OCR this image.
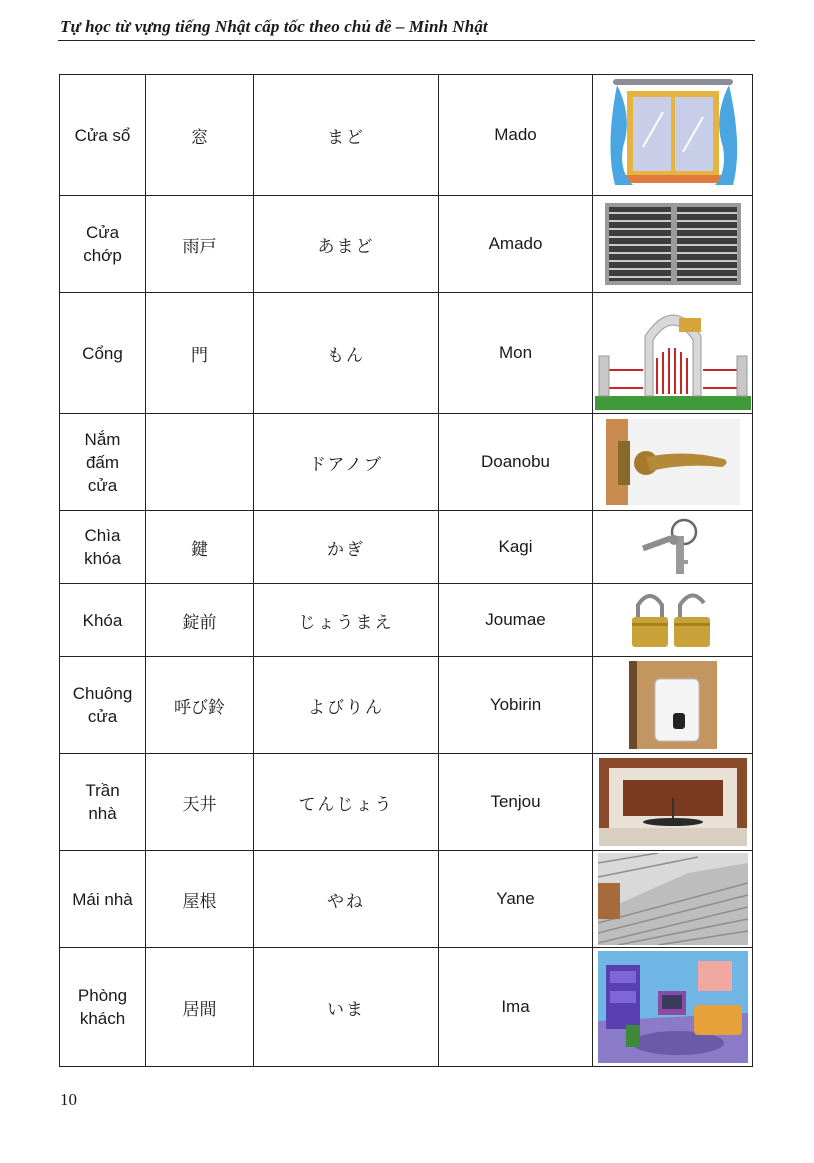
Tự học từ vựng tiếng Nhật cấp tốc theo chủ đề – Minh Nhật
Cửa sổ	窓	まど	Mado	

Cửa chớp	雨戸	あまど	Amado	

Cổng	門	もん	Mon	

Nắm đấm cửa		ドアノブ	Doanobu	

Chìa khóa	鍵	かぎ	Kagi	

Khóa	錠前	じょうまえ	Joumae	

Chuông cửa	呼び鈴	よびりん	Yobirin	

Trần nhà	天井	てんじょう	Tenjou	

Mái nhà	屋根	やね	Yane	

Phòng khách	居間	いま	Ima	
10
